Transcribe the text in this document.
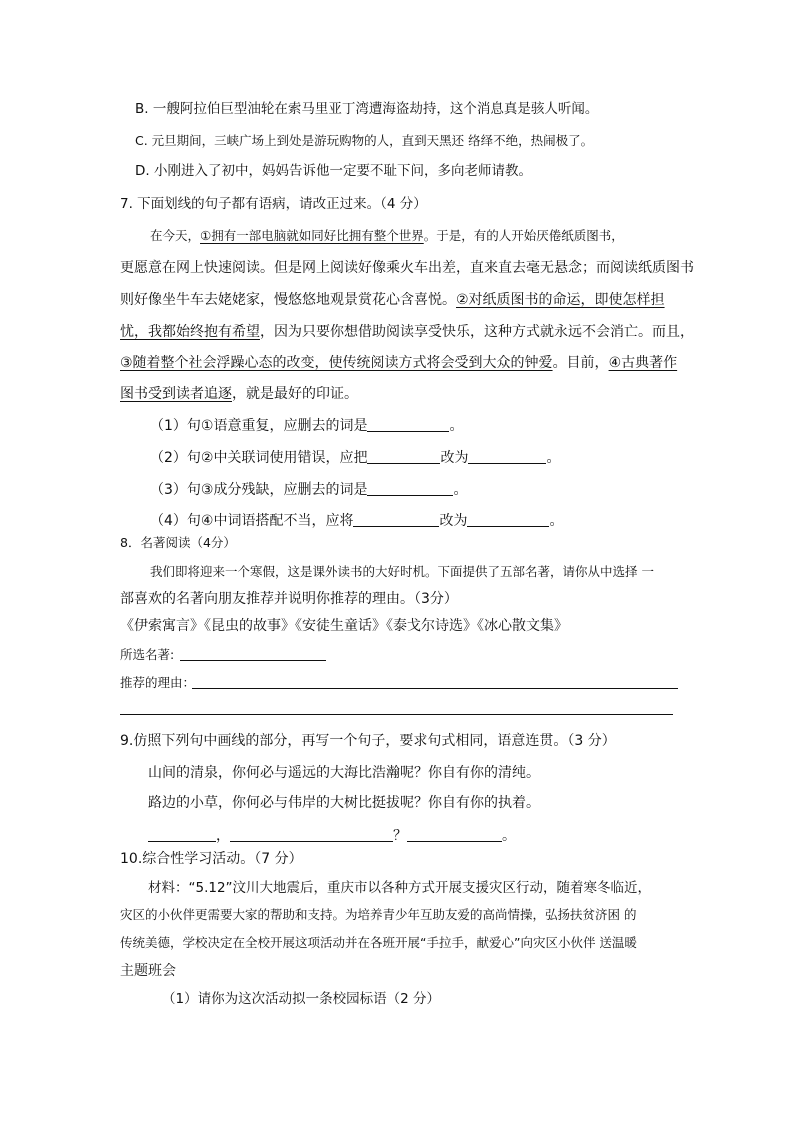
B. 一艘阿拉伯巨型油轮在索马里亚丁湾遭海盗劫持，这个消息真是骇人听闻。
C. 元旦期间，三峡广场上到处是游玩购物的人，直到天黑还 络绎不绝，热闹极了。
D. 小刚进入了初中，妈妈告诉他一定要不耻下问，多向老师请教。
7. 下面划线的句子都有语病，请改正过来。（4 分）
在今天，①拥有一部电脑就如同好比拥有整个世界。于是，有的人开始厌倦纸质图书，
更愿意在网上快速阅读。但是网上阅读好像乘火车出差，直来直去毫无悬念；而阅读纸质图书
则好像坐牛车去姥姥家，慢悠悠地观景赏花心含喜悦。②对纸质图书的命运，即使怎样担
忧，我都始终抱有希望，因为只要你想借助阅读享受快乐，这种方式就永远不会消亡。而且，
③随着整个社会浮躁心态的改变，使传统阅读方式将会受到大众的钟爱。目前，④古典著作
图书受到读者追逐，就是最好的印证。
（1）句①语意重复，应删去的词是	。
（2）句②中关联词使用错误，应把	改为	。
（3）句③成分残缺，应删去的词是	。
（4）句④中词语搭配不当，应将	改为	。
8．名著阅读（4分）
我们即将迎来一个寒假，这是课外读书的大好时机。下面提供了五部名著，请你从中选择 一
部喜欢的名著向朋友推荐并说明你推荐的理由。（3分）
《伊索寓言》《昆虫的故事》《安徒生童话》《泰戈尔诗选》《冰心散文集》
所选名著:
推荐的理由：
9.仿照下列句中画线的部分，再写一个句子，要求句式相同，语意连贯。（3 分）
山间的清泉，你何必与遥远的大海比浩瀚呢？你自有你的清纯。
路边的小草，你何必与伟岸的大树比挺拔呢？你自有你的执着。
，	？	。
10.综合性学习活动。（7 分）
材料：“5.12”汶川大地震后，重庆市以各种方式开展支援灾区行动，随着寒冬临近，
灾区的小伙伴更需要大家的帮助和支持。为培养青少年互助友爱的高尚情操，弘扬扶贫济困 的
传统美德，学校决定在全校开展这项活动并在各班开展“手拉手，献爱心”向灾区小伙伴 送温暖
主题班会
（1）请你为这次活动拟一条校园标语（2 分）
